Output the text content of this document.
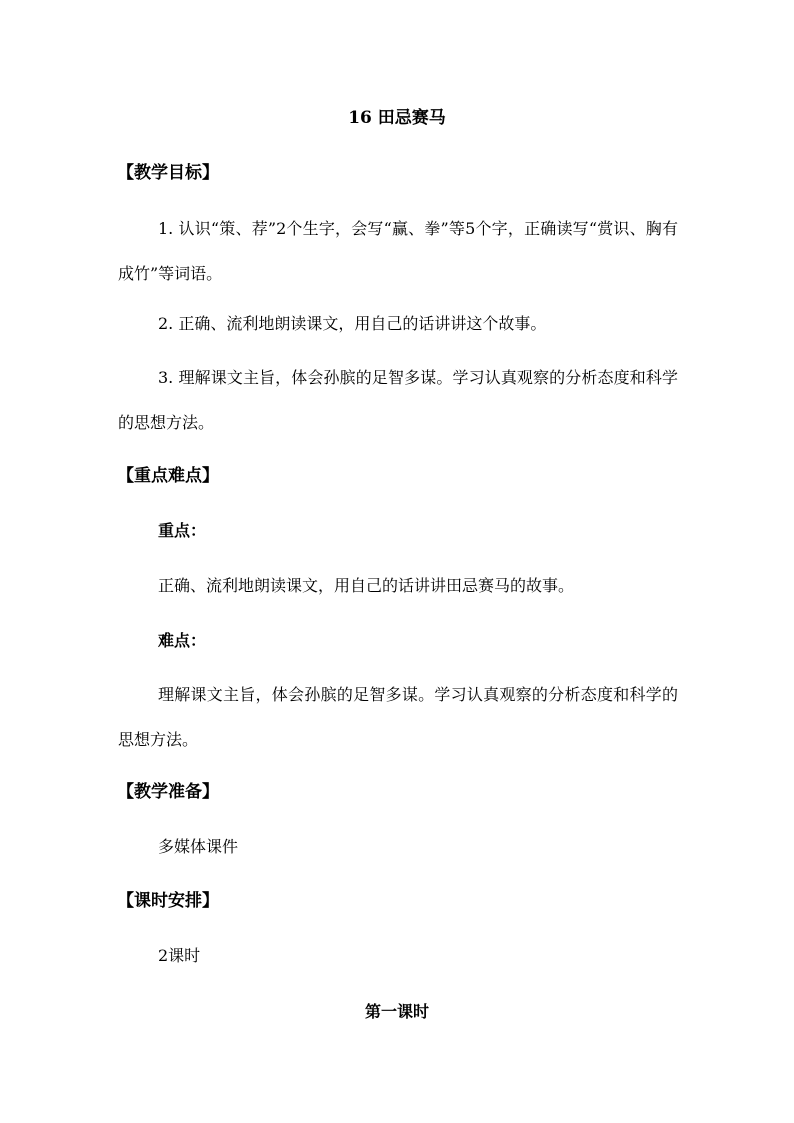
16 田忌赛马
【教学目标】
1. 认识“策、荐”2个生字，会写“赢、拳”等5个字，正确读写“赏识、胸有成竹”等词语。
2. 正确、流利地朗读课文，用自己的话讲讲这个故事。
3. 理解课文主旨，体会孙膑的足智多谋。学习认真观察的分析态度和科学的思想方法。
【重点难点】
重点：
正确、流利地朗读课文，用自己的话讲讲田忌赛马的故事。
难点：
理解课文主旨，体会孙膑的足智多谋。学习认真观察的分析态度和科学的思想方法。
【教学准备】
多媒体课件
【课时安排】
2课时
第一课时
